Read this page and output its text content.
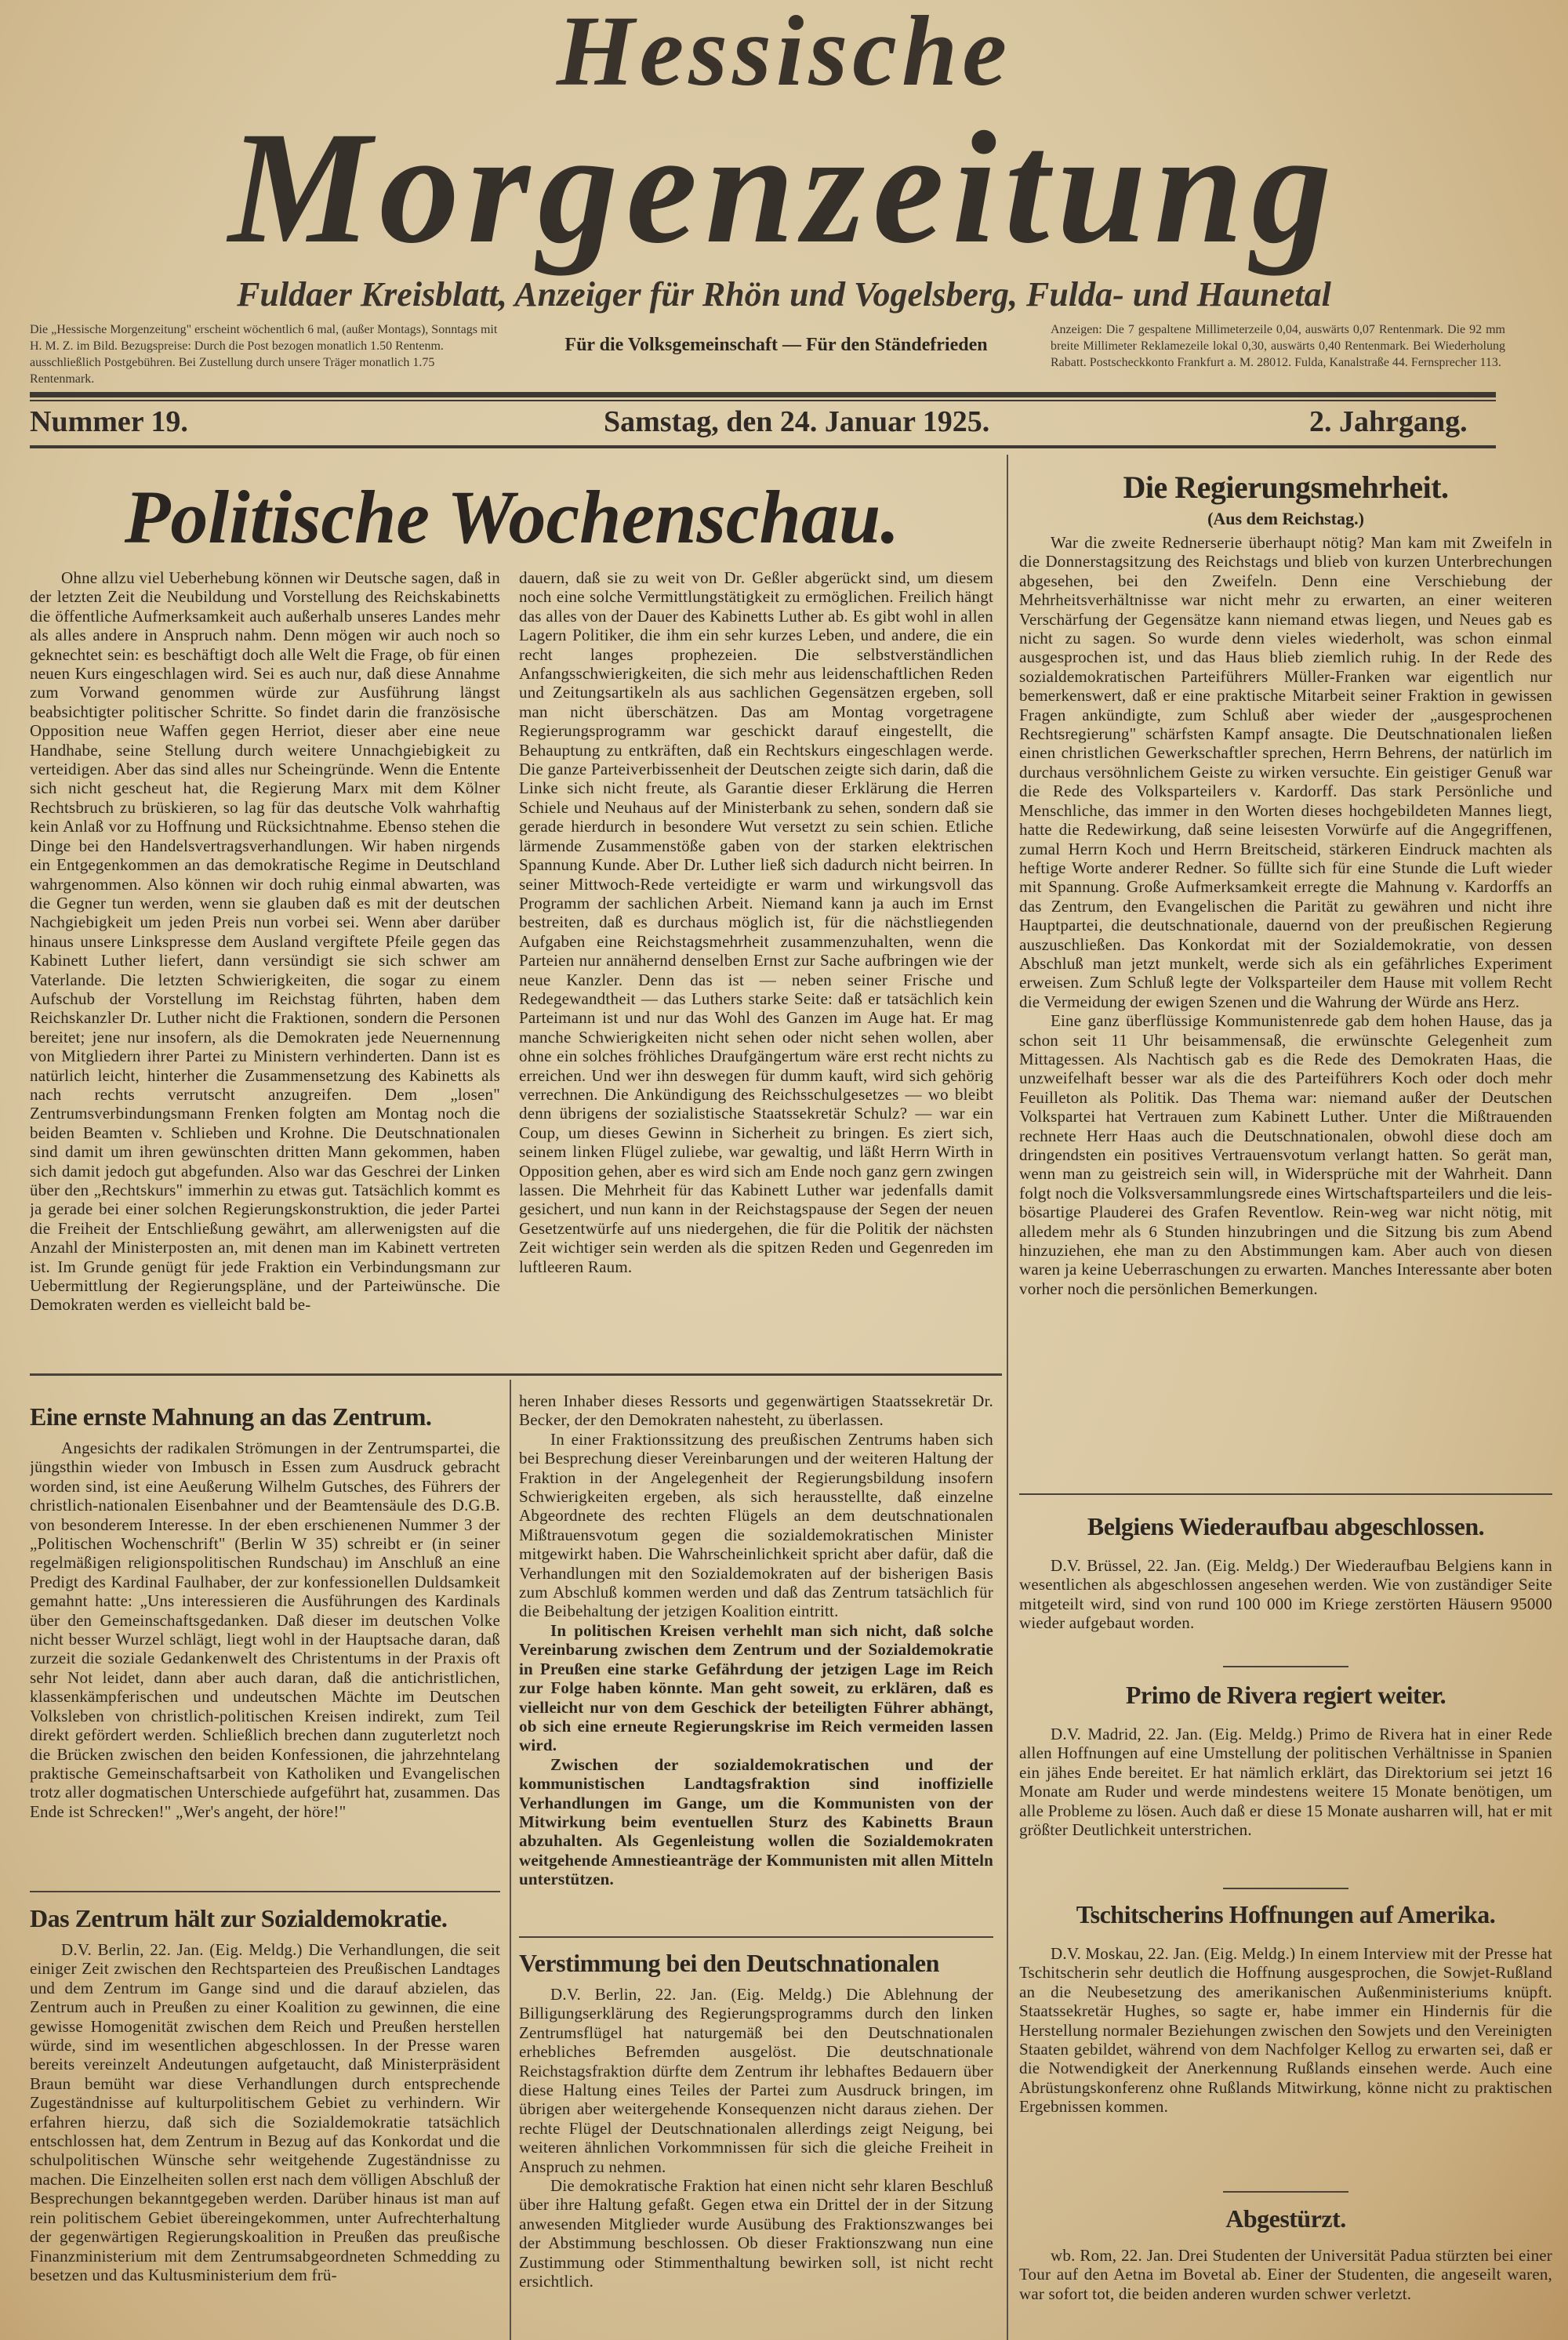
Hessische
Morgenzeitung
Fuldaer Kreisblatt, Anzeiger für Rhön und Vogelsberg, Fulda- und Haunetal
Die „Hessische Morgenzeitung" erscheint wöchentlich 6 mal, (außer Montags), Sonntags mit H. M. Z. im Bild. Bezugspreise: Durch die Post bezogen monatlich 1.50 Rentenm. ausschließlich Postgebühren. Bei Zustellung durch unsere Träger monatlich 1.75 Rentenmark.
Für die Volksgemeinschaft — Für den Ständefrieden
Anzeigen: Die 7 gespaltene Millimeterzeile 0,04, auswärts 0,07 Rentenmark. Die 92 mm breite Millimeter Reklamezeile lokal 0,30, auswärts 0,40 Rentenmark. Bei Wiederholung Rabatt. Postscheckkonto Frankfurt a. M. 28012. Fulda, Kanalstraße 44. Fernsprecher 113.
Nummer 19.	Samstag, den 24. Januar 1925.	2. Jahrgang.
Politische Wochenschau.

Ohne allzu viel Ueberhebung können wir Deutsche sagen, daß in der letzten Zeit die Neubildung und Vorstellung des Reichskabinetts die öffentliche Aufmerksamkeit auch außerhalb unseres Landes mehr als alles andere in Anspruch nahm. Denn mögen wir auch noch so geknechtet sein: es beschäftigt doch alle Welt die Frage, ob für einen neuen Kurs eingeschlagen wird. Sei es auch nur, daß diese Annahme zum Vorwand genommen würde zur Ausführung längst beabsichtigter politischer Schritte. So findet darin die französische Opposition neue Waffen gegen Herriot, dieser aber eine neue Handhabe, seine Stellung durch weitere Unnachgiebigkeit zu verteidigen. Aber das sind alles nur Scheingründe. Wenn die Entente sich nicht gescheut hat, die Regierung Marx mit dem Kölner Rechtsbruch zu brüskieren, so lag für das deutsche Volk wahrhaftig kein Anlaß vor zu Hoffnung und Rücksichtnahme. Ebenso stehen die Dinge bei den Handelsvertragsverhandlungen. Wir haben nirgends ein Entgegenkommen an das demokratische Regime in Deutschland wahrgenommen. Also können wir doch ruhig einmal abwarten, was die Gegner tun werden, wenn sie glauben daß es mit der deutschen Nachgiebigkeit um jeden Preis nun vorbei sei. Wenn aber darüber hinaus unsere Linkspresse dem Ausland vergiftete Pfeile gegen das Kabinett Luther liefert, dann versündigt sie sich schwer am Vaterlande. Die letzten Schwierigkeiten, die sogar zu einem Aufschub der Vorstellung im Reichstag führten, haben dem Reichskanzler Dr. Luther nicht die Fraktionen, sondern die Personen bereitet; jene nur insofern, als die Demokraten jede Neuernennung von Mitgliedern ihrer Partei zu Ministern verhinderten. Dann ist es natürlich leicht, hinterher die Zusammensetzung des Kabinetts als nach rechts verrutscht anzugreifen. Dem „losen" Zentrumsverbindungsmann Frenken folgten am Montag noch die beiden Beamten v. Schlieben und Krohne. Die Deutschnationalen sind damit um ihren gewünschten dritten Mann gekommen, haben sich damit jedoch gut abgefunden. Also war das Geschrei der Linken über den „Rechtskurs" immerhin zu etwas gut. Tatsächlich kommt es ja gerade bei einer solchen Regierungskonstruktion, die jeder Partei die Freiheit der Entschließung gewährt, am allerwenigsten auf die Anzahl der Ministerposten an, mit denen man im Kabinett vertreten ist. Im Grunde genügt für jede Fraktion ein Verbindungsmann zur Uebermittlung der Regierungspläne, und der Parteiwünsche. Die Demokraten werden es vielleicht bald be-

dauern, daß sie zu weit von Dr. Geßler abgerückt sind, um diesem noch eine solche Vermittlungstätigkeit zu ermöglichen. Freilich hängt das alles von der Dauer des Kabinetts Luther ab. Es gibt wohl in allen Lagern Politiker, die ihm ein sehr kurzes Leben, und andere, die ein recht langes prophezeien. Die selbstverständlichen Anfangsschwierigkeiten, die sich mehr aus leidenschaftlichen Reden und Zeitungsartikeln als aus sachlichen Gegensätzen ergeben, soll man nicht überschätzen. Das am Montag vorgetragene Regierungsprogramm war geschickt darauf eingestellt, die Behauptung zu entkräften, daß ein Rechtskurs eingeschlagen werde. Die ganze Parteiverbissenheit der Deutschen zeigte sich darin, daß die Linke sich nicht freute, als Garantie dieser Erklärung die Herren Schiele und Neuhaus auf der Ministerbank zu sehen, sondern daß sie gerade hierdurch in besondere Wut versetzt zu sein schien. Etliche lärmende Zusammenstöße gaben von der starken elektrischen Spannung Kunde. Aber Dr. Luther ließ sich dadurch nicht beirren. In seiner Mittwoch-Rede verteidigte er warm und wirkungsvoll das Programm der sachlichen Arbeit. Niemand kann ja auch im Ernst bestreiten, daß es durchaus möglich ist, für die nächstliegenden Aufgaben eine Reichstagsmehrheit zusammenzuhalten, wenn die Parteien nur annähernd denselben Ernst zur Sache aufbringen wie der neue Kanzler. Denn das ist — neben seiner Frische und Redegewandtheit — das Luthers starke Seite: daß er tatsächlich kein Parteimann ist und nur das Wohl des Ganzen im Auge hat. Er mag manche Schwierigkeiten nicht sehen oder nicht sehen wollen, aber ohne ein solches fröhliches Draufgängertum wäre erst recht nichts zu erreichen. Und wer ihn deswegen für dumm kauft, wird sich gehörig verrechnen. Die Ankündigung des Reichsschulgesetzes — wo bleibt denn übrigens der sozialistische Staatssekretär Schulz? — war ein Coup, um dieses Gewinn in Sicherheit zu bringen. Es ziert sich, seinem linken Flügel zuliebe, war gewaltig, und läßt Herrn Wirth in Opposition gehen, aber es wird sich am Ende noch ganz gern zwingen lassen. Die Mehrheit für das Kabinett Luther war jedenfalls damit gesichert, und nun kann in der Reichstagspause der Segen der neuen Gesetzentwürfe auf uns niedergehen, die für die Politik der nächsten Zeit wichtiger sein werden als die spitzen Reden und Gegenreden im luftleeren Raum.

Eine ernste Mahnung an das Zentrum.

Angesichts der radikalen Strömungen in der Zentrumspartei, die jüngsthin wieder von Imbusch in Essen zum Ausdruck gebracht worden sind, ist eine Aeußerung Wilhelm Gutsches, des Führers der christlich-nationalen Eisenbahner und der Beamtensäule des D.G.B. von besonderem Interesse. In der eben erschienenen Nummer 3 der „Politischen Wochenschrift" (Berlin W 35) schreibt er (in seiner regelmäßigen religionspolitischen Rundschau) im Anschluß an eine Predigt des Kardinal Faulhaber, der zur konfessionellen Duldsamkeit gemahnt hatte: „Uns interessieren die Ausführungen des Kardinals über den Gemeinschaftsgedanken. Daß dieser im deutschen Volke nicht besser Wurzel schlägt, liegt wohl in der Hauptsache daran, daß zurzeit die soziale Gedankenwelt des Christentums in der Praxis oft sehr Not leidet, dann aber auch daran, daß die antichristlichen, klassenkämpferischen und undeutschen Mächte im Deutschen Volksleben von christlich-politischen Kreisen indirekt, zum Teil direkt gefördert werden. Schließlich brechen dann zuguterletzt noch die Brücken zwischen den beiden Konfessionen, die jahrzehntelang praktische Gemeinschaftsarbeit von Katholiken und Evangelischen trotz aller dogmatischen Unterschiede aufgeführt hat, zusammen. Das Ende ist Schrecken!" „Wer's angeht, der höre!"

Das Zentrum hält zur Sozialdemokratie.

D.V. Berlin, 22. Jan. (Eig. Meldg.) Die Verhandlungen, die seit einiger Zeit zwischen den Rechtsparteien des Preußischen Landtages und dem Zentrum im Gange sind und die darauf abzielen, das Zentrum auch in Preußen zu einer Koalition zu gewinnen, die eine gewisse Homogenität zwischen dem Reich und Preußen herstellen würde, sind im wesentlichen abgeschlossen. In der Presse waren bereits vereinzelt Andeutungen aufgetaucht, daß Ministerpräsident Braun bemüht war diese Verhandlungen durch entsprechende Zugeständnisse auf kulturpolitischem Gebiet zu verhindern. Wir erfahren hierzu, daß sich die Sozialdemokratie tatsächlich entschlossen hat, dem Zentrum in Bezug auf das Konkordat und die schulpolitischen Wünsche sehr weitgehende Zugeständnisse zu machen. Die Einzelheiten sollen erst nach dem völligen Abschluß der Besprechungen bekanntgegeben werden. Darüber hinaus ist man auf rein politischem Gebiet übereingekommen, unter Aufrechterhaltung der gegenwärtigen Regierungskoalition in Preußen das preußische Finanzministerium mit dem Zentrumsabgeordneten Schmedding zu besetzen und das Kultusministerium dem frü-

heren Inhaber dieses Ressorts und gegenwärtigen Staatssekretär Dr. Becker, der den Demokraten nahesteht, zu überlassen.

In einer Fraktionssitzung des preußischen Zentrums haben sich bei Besprechung dieser Vereinbarungen und der weiteren Haltung der Fraktion in der Angelegenheit der Regierungsbildung insofern Schwierigkeiten ergeben, als sich herausstellte, daß einzelne Abgeordnete des rechten Flügels an dem deutschnationalen Mißtrauensvotum gegen die sozialdemokratischen Minister mitgewirkt haben. Die Wahrscheinlichkeit spricht aber dafür, daß die Verhandlungen mit den Sozialdemokraten auf der bisherigen Basis zum Abschluß kommen werden und daß das Zentrum tatsächlich für die Beibehaltung der jetzigen Koalition eintritt.

In politischen Kreisen verhehlt man sich nicht, daß solche Vereinbarung zwischen dem Zentrum und der Sozialdemokratie in Preußen eine starke Gefährdung der jetzigen Lage im Reich zur Folge haben könnte. Man geht soweit, zu erklären, daß es vielleicht nur von dem Geschick der beteiligten Führer abhängt, ob sich eine erneute Regierungskrise im Reich vermeiden lassen wird.

Zwischen der sozialdemokratischen und der kommunistischen Landtagsfraktion sind inoffizielle Verhandlungen im Gange, um die Kommunisten von der Mitwirkung beim eventuellen Sturz des Kabinetts Braun abzuhalten. Als Gegenleistung wollen die Sozialdemokraten weitgehende Amnestieanträge der Kommunisten mit allen Mitteln unterstützen.

Verstimmung bei den Deutschnationalen

D.V. Berlin, 22. Jan. (Eig. Meldg.) Die Ablehnung der Billigungserklärung des Regierungsprogramms durch den linken Zentrumsflügel hat naturgemäß bei den Deutschnationalen erhebliches Befremden ausgelöst. Die deutschnationale Reichstagsfraktion dürfte dem Zentrum ihr lebhaftes Bedauern über diese Haltung eines Teiles der Partei zum Ausdruck bringen, im übrigen aber weitergehende Konsequenzen nicht daraus ziehen. Der rechte Flügel der Deutschnationalen allerdings zeigt Neigung, bei weiteren ähnlichen Vorkommnissen für sich die gleiche Freiheit in Anspruch zu nehmen.

Die demokratische Fraktion hat einen nicht sehr klaren Beschluß über ihre Haltung gefaßt. Gegen etwa ein Drittel der in der Sitzung anwesenden Mitglieder wurde Ausübung des Fraktionszwanges bei der Abstimmung beschlossen. Ob dieser Fraktionszwang nun eine Zustimmung oder Stimmenthaltung bewirken soll, ist nicht recht ersichtlich.

Die Regierungsmehrheit.
(Aus dem Reichstag.)

War die zweite Rednerserie überhaupt nötig? Man kam mit Zweifeln in die Donnerstagsitzung des Reichstags und blieb von kurzen Unterbrechungen abgesehen, bei den Zweifeln. Denn eine Verschiebung der Mehrheitsverhältnisse war nicht mehr zu erwarten, an einer weiteren Verschärfung der Gegensätze kann niemand etwas liegen, und Neues gab es nicht zu sagen. So wurde denn vieles wiederholt, was schon einmal ausgesprochen ist, und das Haus blieb ziemlich ruhig. In der Rede des sozialdemokratischen Parteiführers Müller-Franken war eigentlich nur bemerkenswert, daß er eine praktische Mitarbeit seiner Fraktion in gewissen Fragen ankündigte, zum Schluß aber wieder der „ausgesprochenen Rechtsregierung" schärfsten Kampf ansagte. Die Deutschnationalen ließen einen christlichen Gewerkschaftler sprechen, Herrn Behrens, der natürlich im durchaus versöhnlichem Geiste zu wirken versuchte. Ein geistiger Genuß war die Rede des Volksparteilers v. Kardorff. Das stark Persönliche und Menschliche, das immer in den Worten dieses hochgebildeten Mannes liegt, hatte die Redewirkung, daß seine leisesten Vorwürfe auf die Angegriffenen, zumal Herrn Koch und Herrn Breitscheid, stärkeren Eindruck machten als heftige Worte anderer Redner. So füllte sich für eine Stunde die Luft wieder mit Spannung. Große Aufmerksamkeit erregte die Mahnung v. Kardorffs an das Zentrum, den Evangelischen die Parität zu gewähren und nicht ihre Hauptpartei, die deutschnationale, dauernd von der preußischen Regierung auszuschließen. Das Konkordat mit der Sozialdemokratie, von dessen Abschluß man jetzt munkelt, werde sich als ein gefährliches Experiment erweisen. Zum Schluß legte der Volksparteiler dem Hause mit vollem Recht die Vermeidung der ewigen Szenen und die Wahrung der Würde ans Herz.

Eine ganz überflüssige Kommunistenrede gab dem hohen Hause, das ja schon seit 11 Uhr beisammensaß, die erwünschte Gelegenheit zum Mittagessen. Als Nachtisch gab es die Rede des Demokraten Haas, die unzweifelhaft besser war als die des Parteiführers Koch oder doch mehr Feuilleton als Politik. Das Thema war: niemand außer der Deutschen Volkspartei hat Vertrauen zum Kabinett Luther. Unter die Mißtrauenden rechnete Herr Haas auch die Deutschnationalen, obwohl diese doch am dringendsten ein positives Vertrauensvotum verlangt hatten. So gerät man, wenn man zu geistreich sein will, in Widersprüche mit der Wahrheit. Dann folgt noch die Volksversammlungsrede eines Wirtschaftsparteilers und die leis-bösartige Plauderei des Grafen Reventlow. Rein-weg war nicht nötig, mit alledem mehr als 6 Stunden hinzubringen und die Sitzung bis zum Abend hinzuziehen, ehe man zu den Abstimmungen kam. Aber auch von diesen waren ja keine Ueberraschungen zu erwarten. Manches Interessante aber boten vorher noch die persönlichen Bemerkungen.

Belgiens Wiederaufbau abgeschlossen.

D.V. Brüssel, 22. Jan. (Eig. Meldg.) Der Wiederaufbau Belgiens kann in wesentlichen als abgeschlossen angesehen werden. Wie von zuständiger Seite mitgeteilt wird, sind von rund 100 000 im Kriege zerstörten Häusern 95000 wieder aufgebaut worden.

Primo de Rivera regiert weiter.

D.V. Madrid, 22. Jan. (Eig. Meldg.) Primo de Rivera hat in einer Rede allen Hoffnungen auf eine Umstellung der politischen Verhältnisse in Spanien ein jähes Ende bereitet. Er hat nämlich erklärt, das Direktorium sei jetzt 16 Monate am Ruder und werde mindestens weitere 15 Monate benötigen, um alle Probleme zu lösen. Auch daß er diese 15 Monate ausharren will, hat er mit größter Deutlichkeit unterstrichen.

Tschitscherins Hoffnungen auf Amerika.

D.V. Moskau, 22. Jan. (Eig. Meldg.) In einem Interview mit der Presse hat Tschitscherin sehr deutlich die Hoffnung ausgesprochen, die Sowjet-Rußland an die Neubesetzung des amerikanischen Außenministeriums knüpft. Staatssekretär Hughes, so sagte er, habe immer ein Hindernis für die Herstellung normaler Beziehungen zwischen den Sowjets und den Vereinigten Staaten gebildet, während von dem Nachfolger Kellog zu erwarten sei, daß er die Notwendigkeit der Anerkennung Rußlands einsehen werde. Auch eine Abrüstungskonferenz ohne Rußlands Mitwirkung, könne nicht zu praktischen Ergebnissen kommen.

Abgestürzt.

wb. Rom, 22. Jan. Drei Studenten der Universität Padua stürzten bei einer Tour auf den Aetna im Bovetal ab. Einer der Studenten, die angeseilt waren, war sofort tot, die beiden anderen wurden schwer verletzt.
